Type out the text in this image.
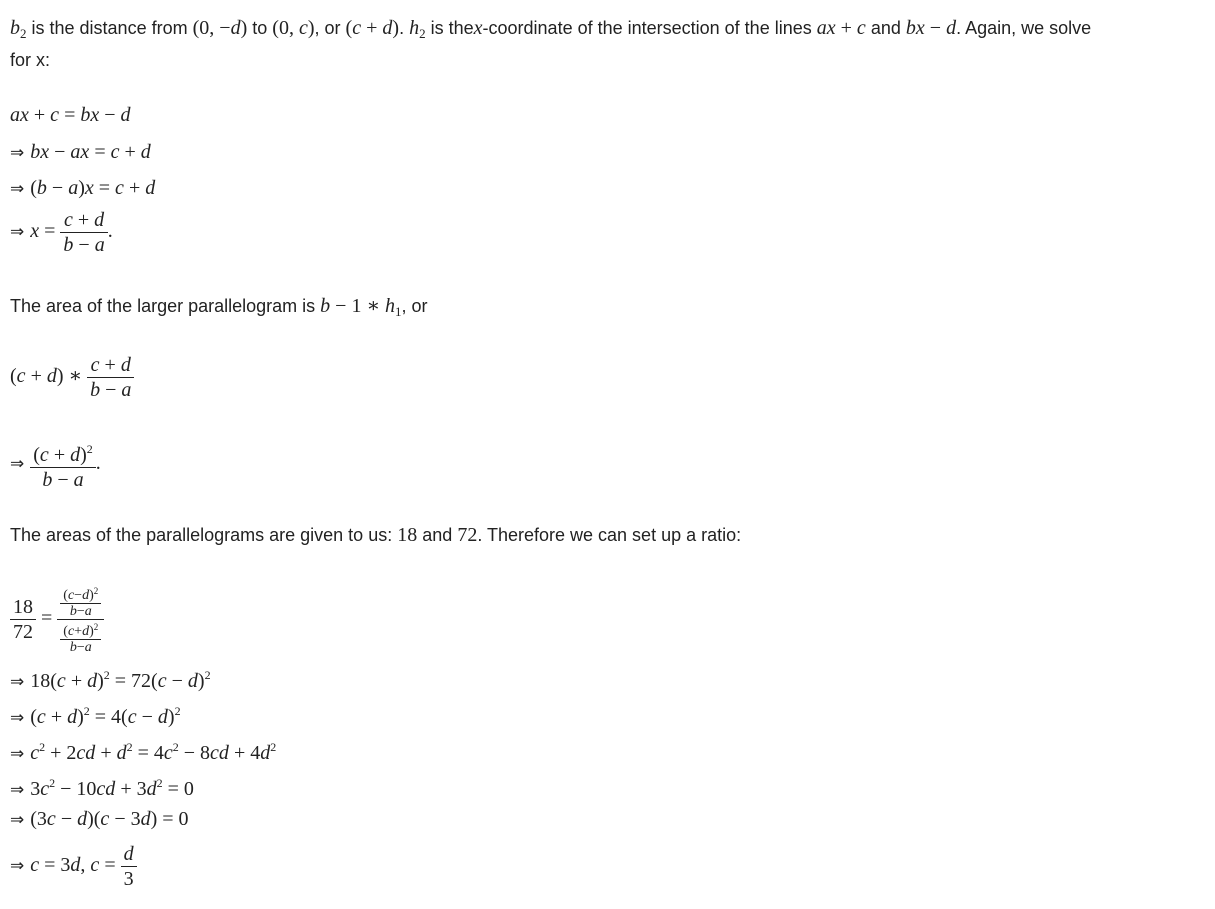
$b_2$ is the distance from (0, −d) to (0, c), or (c + d). $h_2$ is thex-coordinate of the intersection of the lines ax + c and bx − d. Again, we solve
for x:
ax + c = bx − d
⇒ bx − ax = c + d
⇒ (b − a)x = c + d
⇒ $x = \frac{c + d}{b - a}$ .
The area of the larger parallelogram is b − 1 ∗ $h_1$, or
(c + d) ∗ $\frac{c + d}{b - a}$
⇒ $\frac{(c + d)^2}{b - a}$ .
The areas of the parallelograms are given to us: 18 and 72. Therefore we can set up a ratio:
$\frac{18}{72} = \frac{\frac{(c-d)^2}{b-a}}{\frac{(c+d)^2}{b-a}}$
⇒ $18(c + d)^2 = 72(c - d)^2$
⇒ $(c + d)^2 = 4(c - d)^2$
⇒ $c^2 + 2cd + d^2 = 4c^2 - 8cd + 4d^2$
⇒ $3c^2 - 10cd + 3d^2 = 0$
⇒ (3c − d)(c − 3d) = 0
⇒ c = 3d, $c = \frac{d}{3}$
